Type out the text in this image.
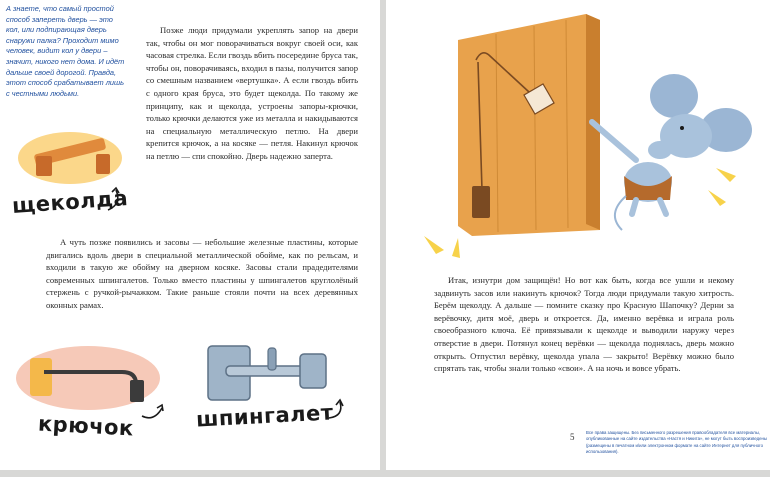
А знаете, что самый простой способ запереть дверь — это кол, или подпирающая дверь снаружи палка? Проходит мимо человек, видит кол у двери – значит, никого нет дома. И идёт дальше своей дорогой. Правда, этот способ срабатывает лишь с честными людьми.

Позже люди придумали укреплять запор на двери так, чтобы он мог поворачиваться вокруг своей оси, как часовая стрелка. Если гвоздь вбить посередине бруса так, чтобы он, поворачиваясь, входил в пазы, получится запор со смешным названием «вертушка». А если гвоздь вбить с одного края бруса, это будет щеколда. По такому же принципу, как и щеколда, устроены запоры-крючки, только крючки делаются уже из металла и накидываются на специальную металлическую петлю. На двери крепится крючок, а на косяке — петля. Накинул крючок на петлю — спи спокойно. Дверь надежно заперта.

А чуть позже появились и засовы — небольшие железные пластины, которые двигались вдоль двери в специальной металлической обойме, как по рельсам, и входили в такую же обойму на дверном косяке. Засовы стали прадедителями современных шпингалетов. Только вместо пластины у шпингалетов круглолёный стержень с ручкой-рычажком. Такие раньше стояли почти на всех деревянных оконных рамах.

щеколда
крючок	шпингалет

Итак, изнутри дом защищён! Но вот как быть, когда все ушли и некому задвинуть засов или накинуть крючок? Тогда люди придумали такую хитрость. Берём щеколду. А дальше — помните сказку про Красную Шапочку? Дерни за верёвочку, дитя моё, дверь и откроется. Да, именно верёвка и играла роль своеобразного ключа. Её привязывали к щеколде и выводили наружу через отверстие в двери. Потянул конец верёвки — щеколда поднялась, дверь можно открыть. Отпустил верёвку, щеколда упала — закрыто! Верёвку можно было спрятать так, чтобы знали только «свои». А на ночь и вовсе убрать.

5	Все права защищены. Без письменного разрешения правообладателя все материалы, опубликованные на сайте издательства «Настя и Никита», не могут быть воспроизведены (размещены в печатном и/или электронном формате на сайте Интернет для публичного использования).
